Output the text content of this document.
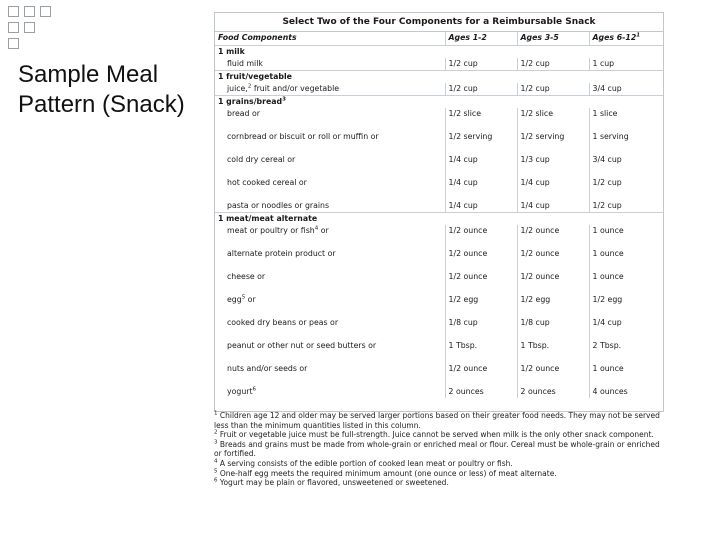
Sample Meal Pattern (Snack)
Select Two of the Four Components for a Reimbursable Snack
Food Components	Ages 1-2	Ages 3-5	Ages $6-12^1$
1 milk			
fluid milk	1/2 cup	1/2 cup	1 cup
1 fruit/vegetable			
juice,$^2$ fruit and/or vegetable	1/2 cup	1/2 cup	3/4 cup
1 grains/bread$^3$
bread or	1/2 slice	1/2 slice	1 slice
cornbread or biscuit or roll or muffin or	1/2 serving	1/2 serving	1 serving
cold dry cereal or	1/4 cup	1/3 cup	3/4 cup
hot cooked cereal or	1/4 cup	1/4 cup	1/2 cup
pasta or noodles or grains	1/4 cup	1/4 cup	1/2 cup
1 meat/meat alternate			
meat or poultry or fish$^4$ or	1/2 ounce	1/2 ounce	1 ounce
alternate protein product or	1/2 ounce	1/2 ounce	1 ounce
cheese or	1/2 ounce	1/2 ounce	1 ounce
egg$^5$ or	1/2 egg	1/2 egg	1/2 egg
cooked dry beans or peas or	1/8 cup	1/8 cup	1/4 cup
peanut or other nut or seed butters or	1 Tbsp.	1 Tbsp.	2 Tbsp.
nuts and/or seeds or	1/2 ounce	1/2 ounce	1 ounce
yogurt$^6$	2 ounces	2 ounces	4 ounces

$^1$ Children age 12 and older may be served larger portions based on their greater food needs. They may not be served less than the minimum quantities listed in this column.

$^2$ Fruit or vegetable juice must be full-strength. Juice cannot be served when milk is the only other snack component.

$^3$ Breads and grains must be made from whole-grain or enriched meal or flour. Cereal must be whole-grain or enriched or fortified.

$^4$ A serving consists of the edible portion of cooked lean meat or poultry or fish.

$^5$ One-half egg meets the required minimum amount (one ounce or less) of meat alternate.

$^6$ Yogurt may be plain or flavored, unsweetened or sweetened.
